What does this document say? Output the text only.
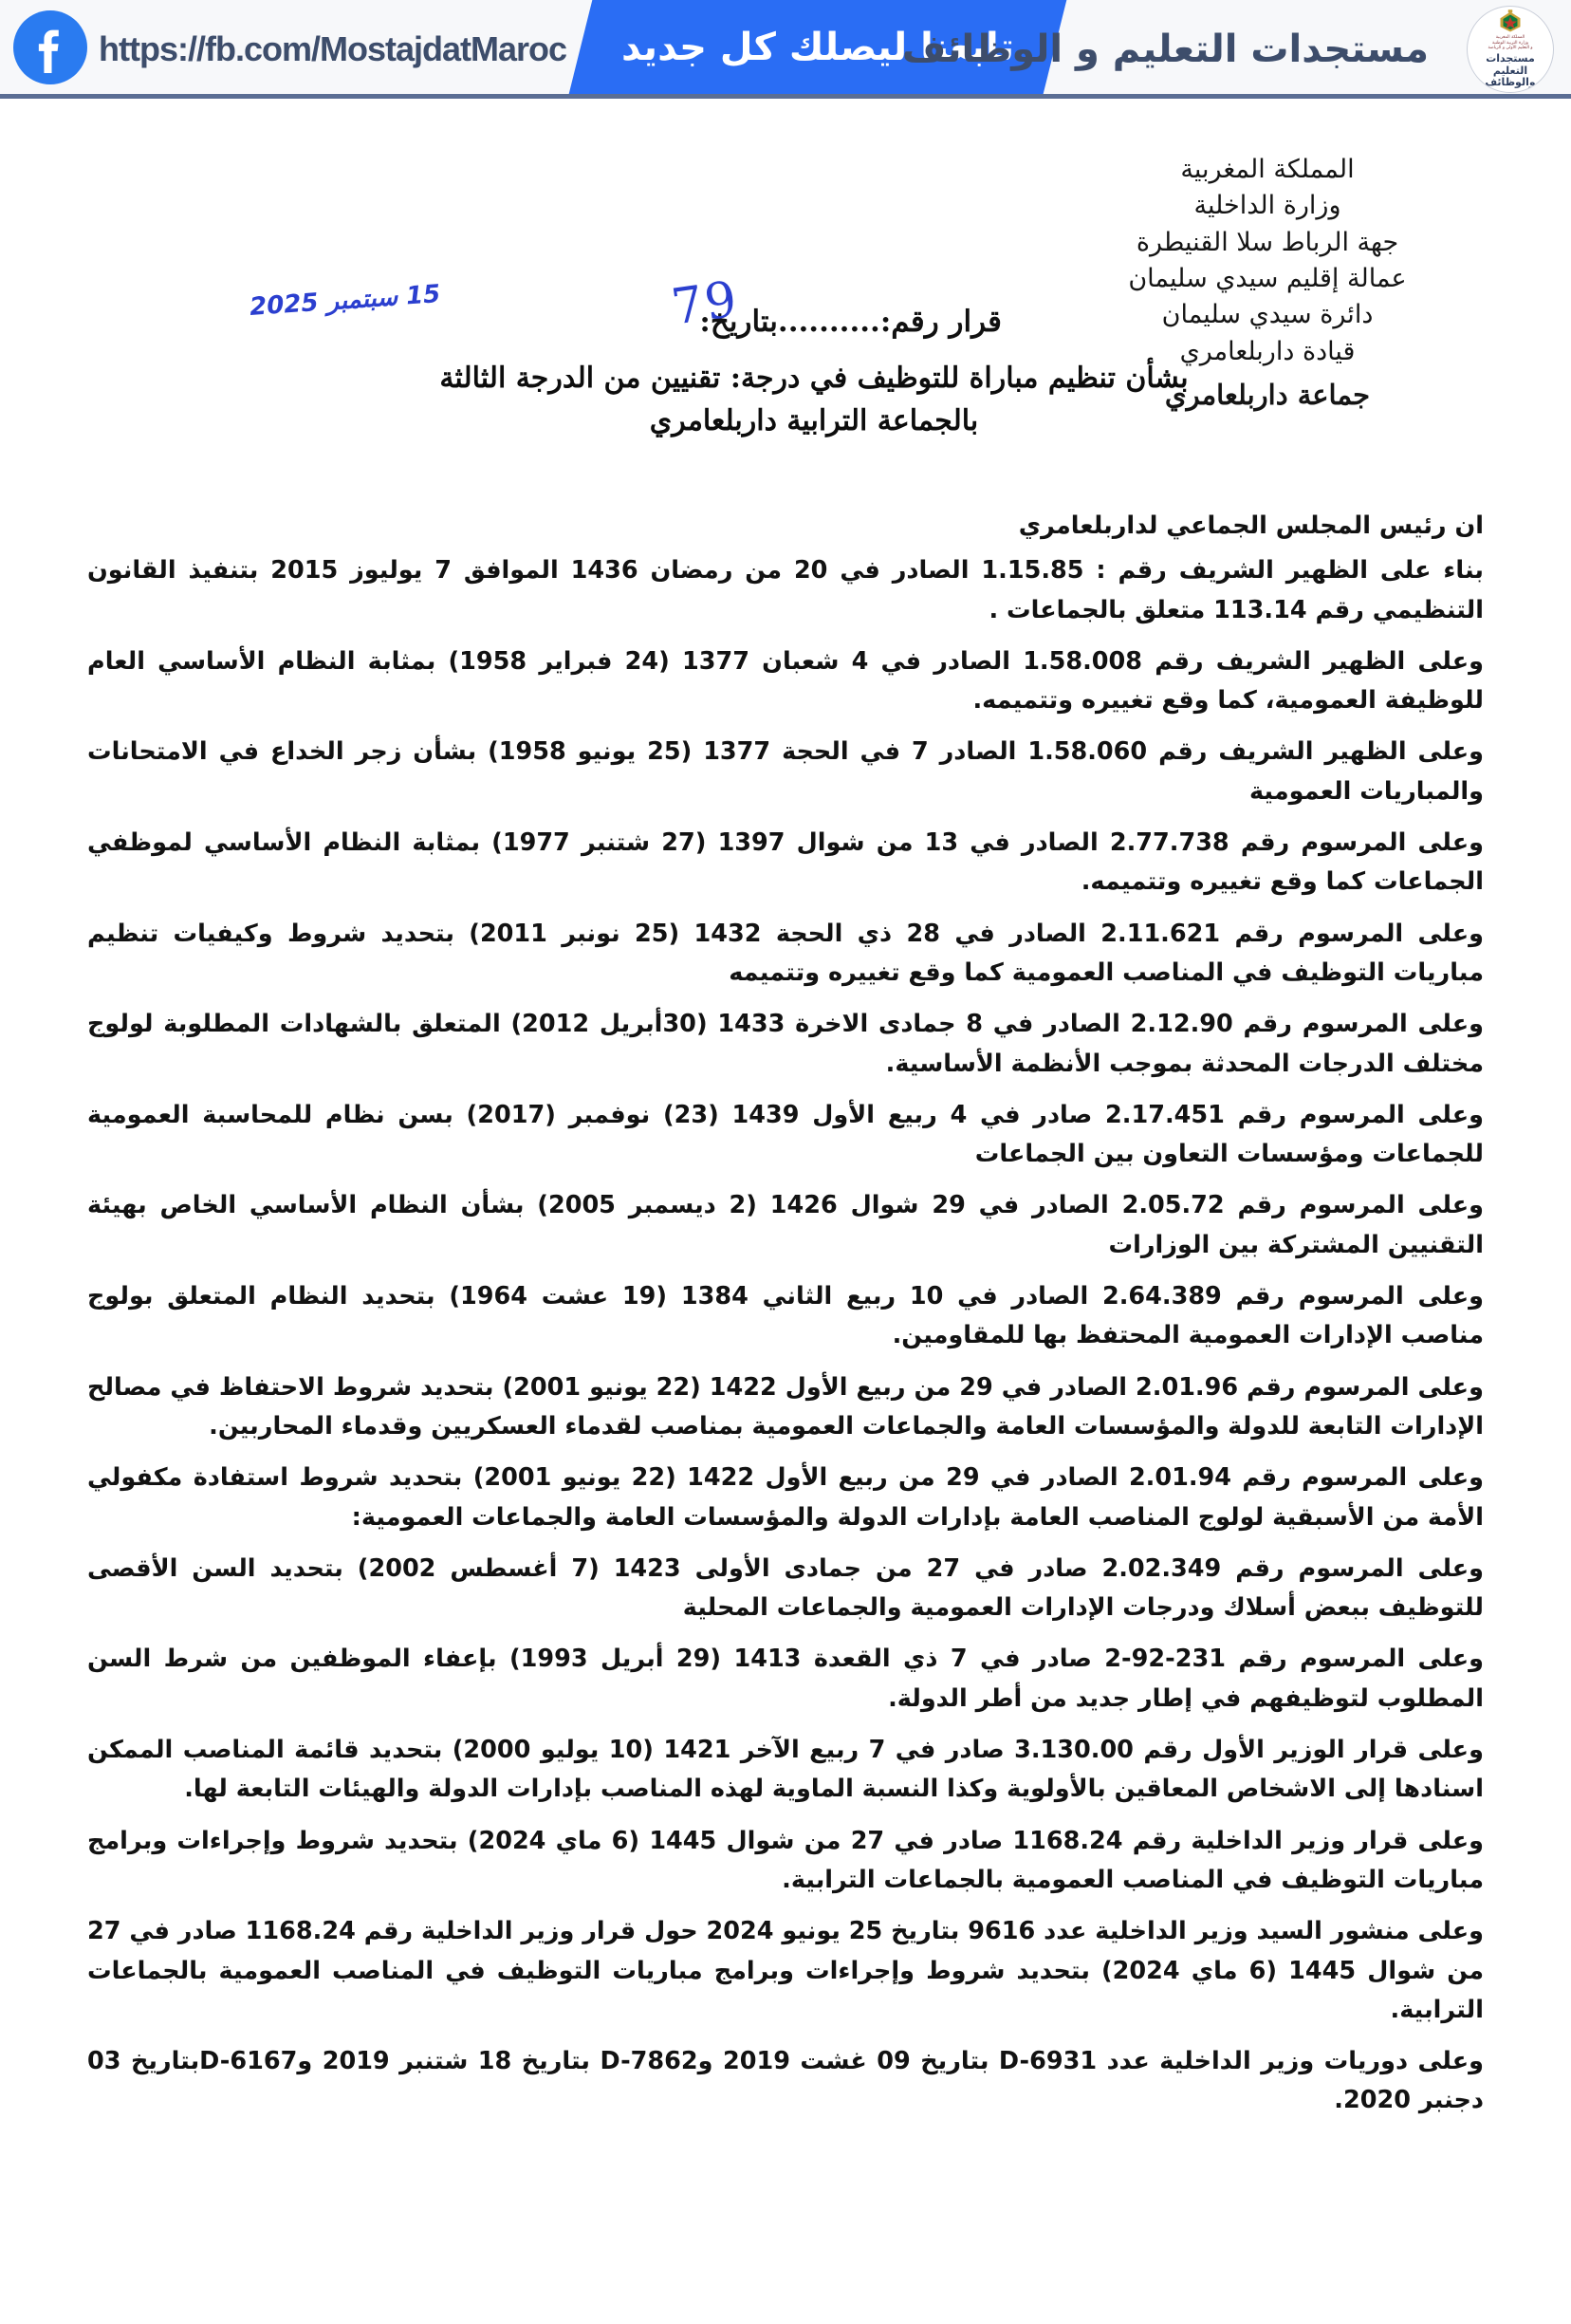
https://fb.com/MostajdatMaroc	تابعنا ليصلك كل جديد
مستجدات التعليم و الوظائف	المملكة المغربية
وزارة التربية الوطنية
و التعليم الأولي و الرياضة
مستجدات التعليم
والوظائف
المملكة المغربية
وزارة الداخلية
جهة الرباط سلا القنيطرة
عمالة إقليم سيدي سليمان
دائرة سيدي سليمان
قيادة داربلعامري
جماعة داربلعامري
قرار رقم:..........بتاريخ:
79
15 سبتمبر 2025
بشأن تنظيم مباراة للتوظيف في درجة: تقنيين من الدرجة الثالثة
بالجماعة الترابية داربلعامري

ان رئيس المجلس الجماعي لداربلعامري

بناء على الظهير الشريف رقم : 1.15.85 الصادر في 20 من رمضان 1436 الموافق 7 يوليوز 2015 بتنفيذ القانون التنظيمي رقم 113.14 متعلق بالجماعات .

وعلى الظهير الشريف رقم 1.58.008 الصادر في 4 شعبان 1377 (24 فبراير 1958) بمثابة النظام الأساسي العام للوظيفة العمومية، كما وقع تغييره وتتميمه.

وعلى الظهير الشريف رقم 1.58.060 الصادر 7 في الحجة 1377 (25 يونيو 1958) بشأن زجر الخداع في الامتحانات والمباريات العمومية

وعلى المرسوم رقم 2.77.738 الصادر في 13 من شوال 1397 (27 شتنبر 1977) بمثابة النظام الأساسي لموظفي الجماعات كما وقع تغييره وتتميمه.

وعلى المرسوم رقم 2.11.621 الصادر في 28 ذي الحجة 1432 (25 نونبر 2011) بتحديد شروط وكيفيات تنظيم مباريات التوظيف في المناصب العمومية كما وقع تغييره وتتميمه

وعلى المرسوم رقم 2.12.90 الصادر في 8 جمادى الاخرة 1433 (30أبريل 2012) المتعلق بالشهادات المطلوبة لولوج مختلف الدرجات المحدثة بموجب الأنظمة الأساسية.

وعلى المرسوم رقم 2.17.451 صادر في 4 ربيع الأول 1439 (23) نوفمبر (2017) بسن نظام للمحاسبة العمومية للجماعات ومؤسسات التعاون بين الجماعات

وعلى المرسوم رقم 2.05.72 الصادر في 29 شوال 1426 (2 ديسمبر 2005) بشأن النظام الأساسي الخاص بهيئة التقنيين المشتركة بين الوزارات

وعلى المرسوم رقم 2.64.389 الصادر في 10 ربيع الثاني 1384 (19 عشت 1964) بتحديد النظام المتعلق بولوج مناصب الإدارات العمومية المحتفظ بها للمقاومين.

وعلى المرسوم رقم 2.01.96 الصادر في 29 من ربيع الأول 1422 (22 يونيو 2001) بتحديد شروط الاحتفاظ في مصالح الإدارات التابعة للدولة والمؤسسات العامة والجماعات العمومية بمناصب لقدماء العسكريين وقدماء المحاربين.

وعلى المرسوم رقم 2.01.94 الصادر في 29 من ربيع الأول 1422 (22 يونيو 2001) بتحديد شروط استفادة مكفولي الأمة من الأسبقية لولوج المناصب العامة بإدارات الدولة والمؤسسات العامة والجماعات العمومية:

وعلى المرسوم رقم 2.02.349 صادر في 27 من جمادى الأولى 1423 (7 أغسطس 2002) بتحديد السن الأقصى للتوظيف ببعض أسلاك ودرجات الإدارات العمومية والجماعات المحلية

وعلى المرسوم رقم 231-92-2 صادر في 7 ذي القعدة 1413 (29 أبريل 1993) بإعفاء الموظفين من شرط السن المطلوب لتوظيفهم في إطار جديد من أطر الدولة.

وعلى قرار الوزير الأول رقم 3.130.00 صادر في 7 ربيع الآخر 1421 (10 يوليو 2000) بتحديد قائمة المناصب الممكن اسنادها إلى الاشخاص المعاقين بالأولوية وكذا النسبة الماوية لهذه المناصب بإدارات الدولة والهيئات التابعة لها.

وعلى قرار وزير الداخلية رقم 1168.24 صادر في 27 من شوال 1445 (6 ماي 2024) بتحديد شروط وإجراءات وبرامج مباريات التوظيف في المناصب العمومية بالجماعات الترابية.

وعلى منشور السيد وزير الداخلية عدد 9616 بتاريخ 25 يونيو 2024 حول قرار وزير الداخلية رقم 1168.24 صادر في 27 من شوال 1445 (6 ماي 2024) بتحديد شروط وإجراءات وبرامج مباريات التوظيف في المناصب العمومية بالجماعات الترابية.

وعلى دوريات وزير الداخلية عدد D-6931 بتاريخ 09 غشت 2019 وD-7862 بتاريخ 18 شتنبر 2019 وD-6167بتاريخ 03 دجنبر 2020.
